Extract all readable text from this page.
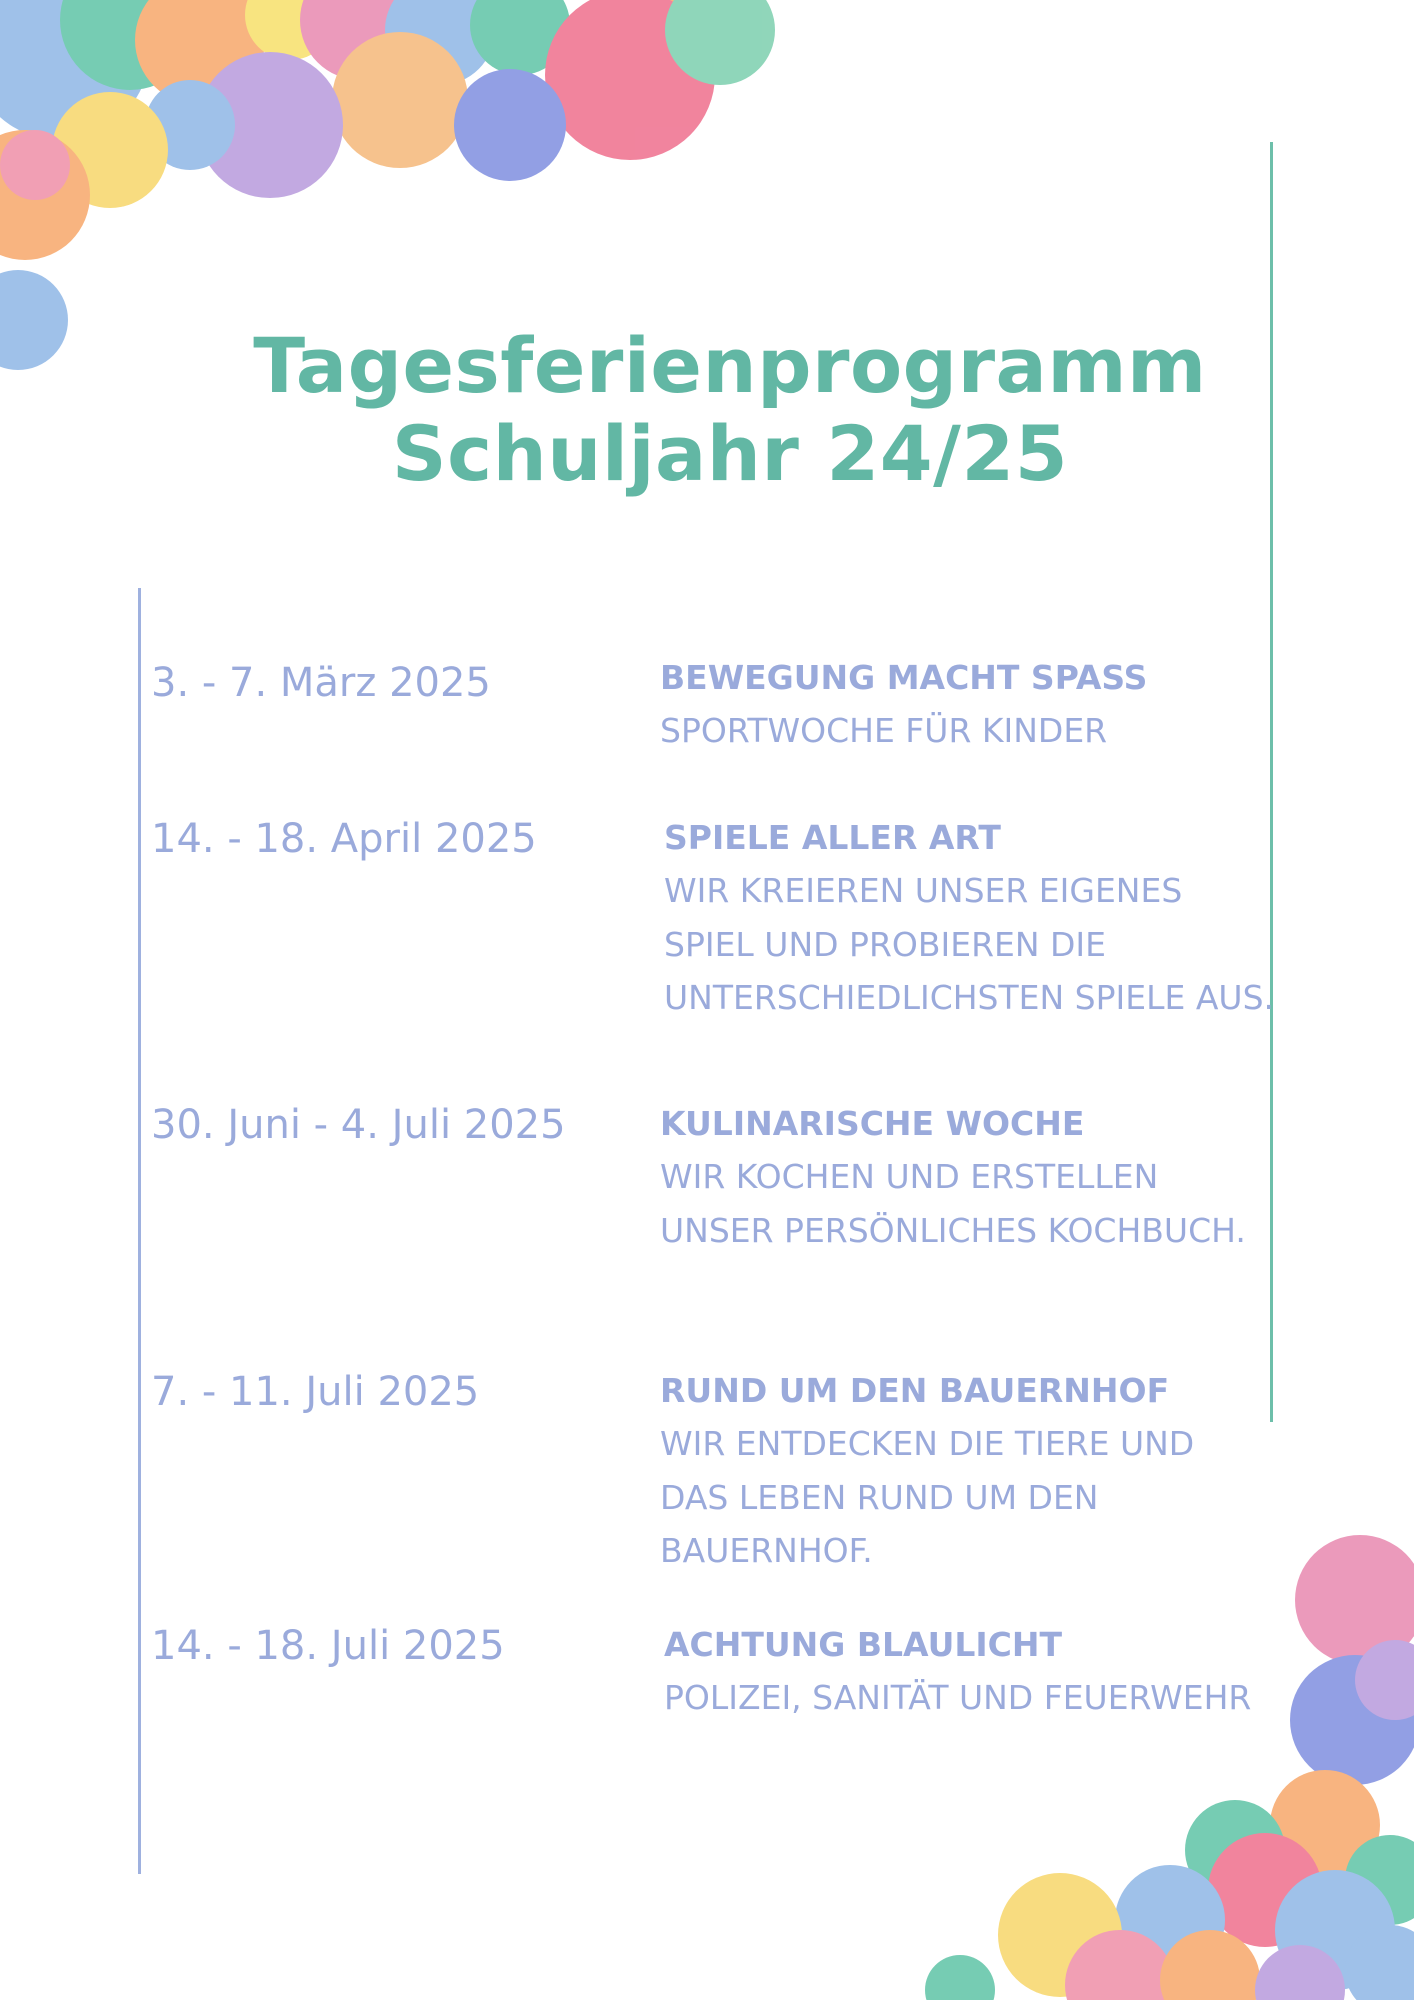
Tagesferienprogramm
Schuljahr 24/25
3. - 7. März 2025	BEWEGUNG MACHT SPASS
SPORTWOCHE FÜR KINDER
14. - 18. April 2025	SPIELE ALLER ART
WIR KREIEREN UNSER EIGENES SPIEL UND PROBIEREN DIE UNTERSCHIEDLICHSTEN SPIELE AUS.
30. Juni - 4. Juli 2025	KULINARISCHE WOCHE
WIR KOCHEN UND ERSTELLEN UNSER PERSÖNLICHES KOCHBUCH.
7. - 11. Juli 2025	RUND UM DEN BAUERNHOF
WIR ENTDECKEN DIE TIERE UND DAS LEBEN RUND UM DEN BAUERNHOF.
14. - 18. Juli 2025	ACHTUNG BLAULICHT
POLIZEI, SANITÄT UND FEUERWEHR
